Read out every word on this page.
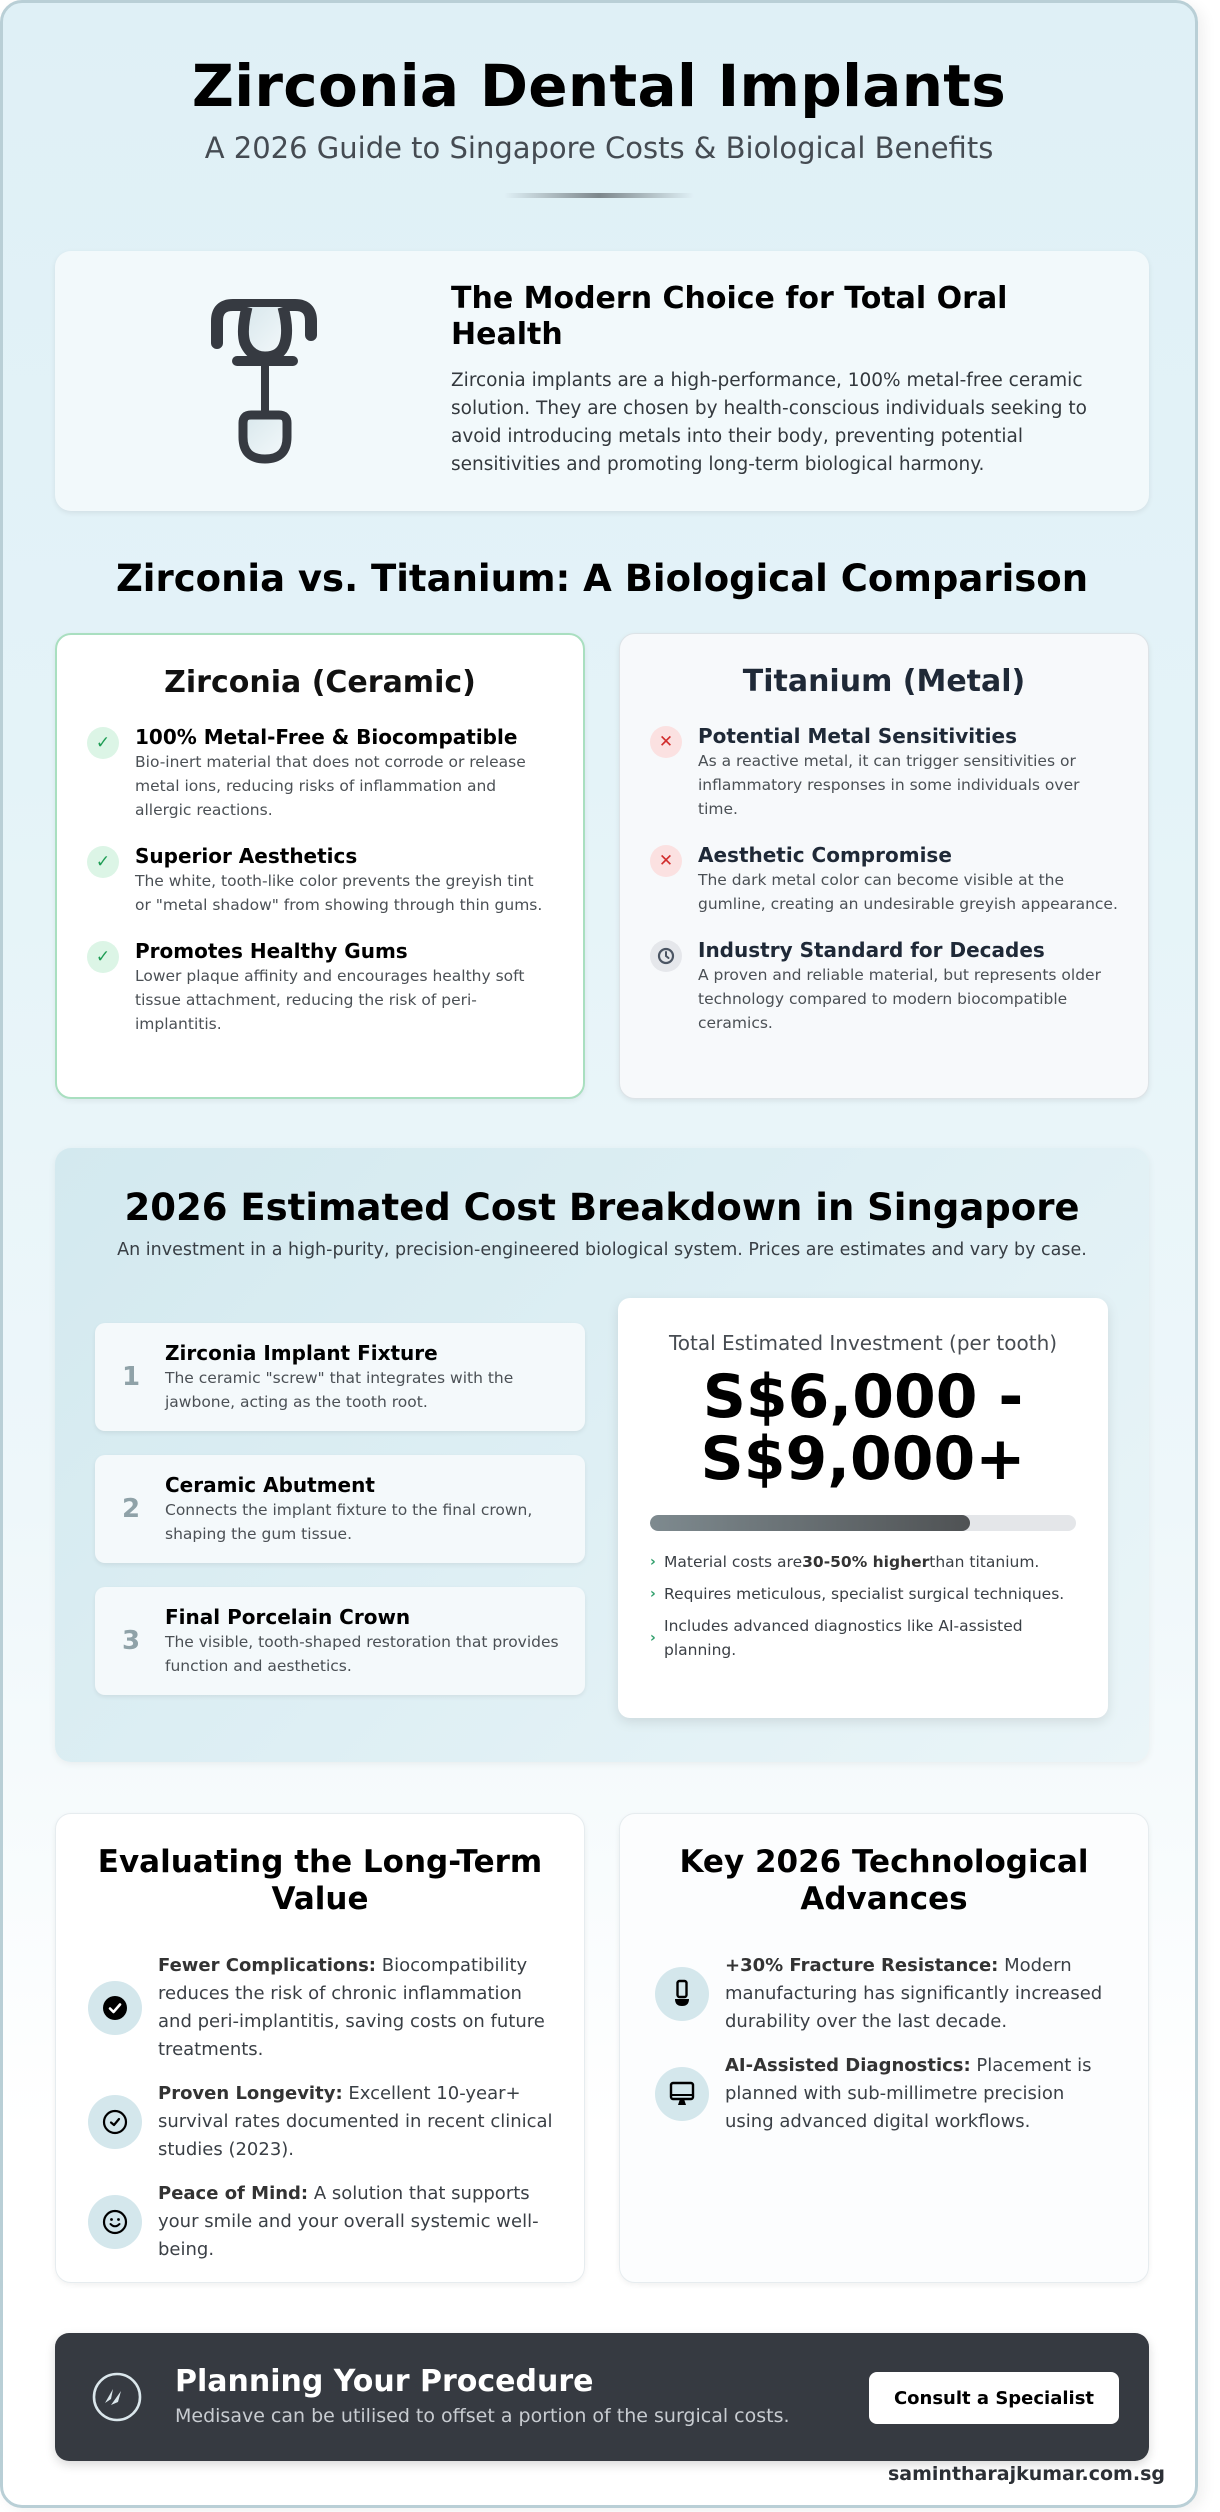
Zirconia Dental Implants
A 2026 Guide to Singapore Costs & Biological Benefits
The Modern Choice for Total Oral Health
Zirconia implants are a high-performance, 100% metal-free ceramic solution. They are chosen by health-conscious individuals seeking to avoid introducing metals into their body, preventing potential sensitivities and promoting long-term biological harmony.
Zirconia vs. Titanium: A Biological Comparison
Zirconia (Ceramic)
✓	100% Metal-Free & Biocompatible
Bio-inert material that does not corrode or release metal ions, reducing risks of inflammation and allergic reactions.
✓	Superior Aesthetics
The white, tooth-like color prevents the greyish tint or "metal shadow" from showing through thin gums.
✓	Promotes Healthy Gums
Lower plaque affinity and encourages healthy soft tissue attachment, reducing the risk of peri-implantitis.
Titanium (Metal)
✕	Potential Metal Sensitivities
As a reactive metal, it can trigger sensitivities or inflammatory responses in some individuals over time.
✕	Aesthetic Compromise
The dark metal color can become visible at the gumline, creating an undesirable greyish appearance.
Industry Standard for Decades
A proven and reliable material, but represents older technology compared to modern biocompatible ceramics.
2026 Estimated Cost Breakdown in Singapore
An investment in a high-purity, precision-engineered biological system. Prices are estimates and vary by case.
1
Zirconia Implant Fixture
The ceramic "screw" that integrates with the jawbone, acting as the tooth root.
2
Ceramic Abutment
Connects the implant fixture to the final crown, shaping the gum tissue.
3
Final Porcelain Crown
The visible, tooth-shaped restoration that provides function and aesthetics.
Total Estimated Investment (per tooth)
S$6,000 -
S$9,000+
› Material costs are30-50% higherthan titanium.
› Requires meticulous, specialist surgical techniques.
›
Includes advanced diagnostics like AI-assisted planning.
Evaluating the Long-Term Value
Fewer Complications: Biocompatibility reduces the risk of chronic inflammation and peri-implantitis, saving costs on future treatments.
Proven Longevity: Excellent 10-year+ survival rates documented in recent clinical studies (2023).
Peace of Mind: A solution that supports your smile and your overall systemic well-being.
Key 2026 Technological Advances
+30% Fracture Resistance: Modern manufacturing has significantly increased durability over the last decade.
AI-Assisted Diagnostics: Placement is planned with sub-millimetre precision using advanced digital workflows.
Planning Your Procedure
Medisave can be utilised to offset a portion of the surgical costs.
Consult a Specialist
samintharajkumar.com.sg
